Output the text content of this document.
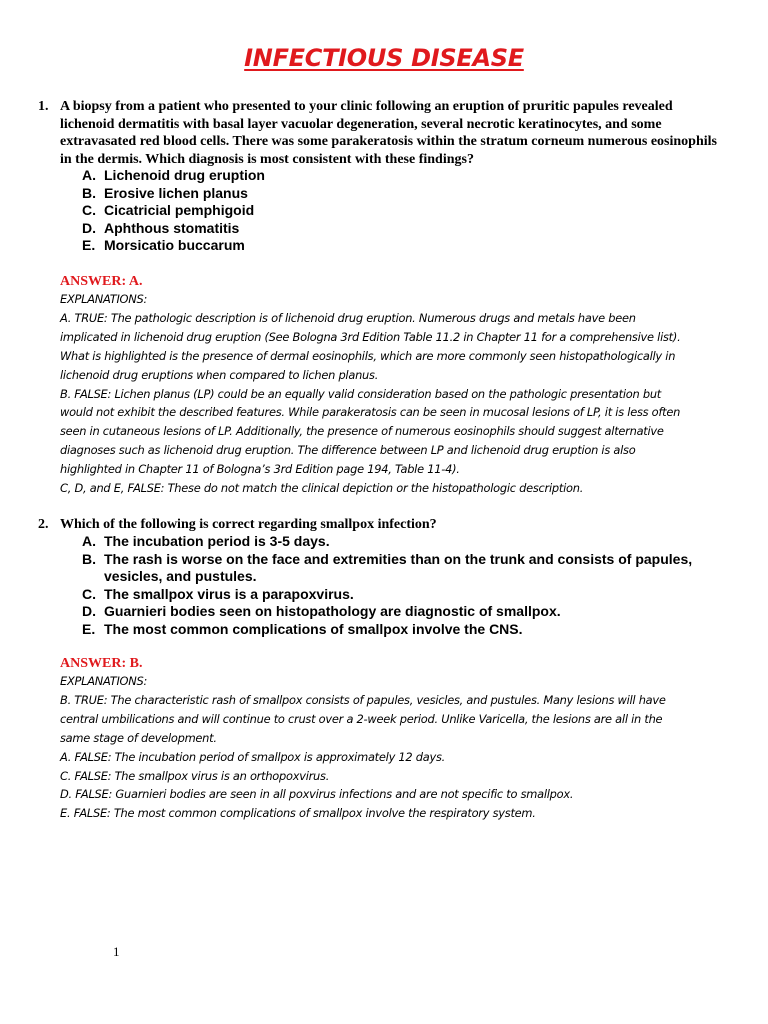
INFECTIOUS DISEASE
1. A biopsy from a patient who presented to your clinic following an eruption of pruritic papules revealed lichenoid dermatitis with basal layer vacuolar degeneration, several necrotic keratinocytes, and some extravasated red blood cells. There was some parakeratosis within the stratum corneum numerous eosinophils in the dermis. Which diagnosis is most consistent with these findings?
A. Lichenoid drug eruption
B. Erosive lichen planus
C. Cicatricial pemphigoid
D. Aphthous stomatitis
E. Morsicatio buccarum
ANSWER: A.
EXPLANATIONS:
A. TRUE: The pathologic description is of lichenoid drug eruption. Numerous drugs and metals have been
implicated in lichenoid drug eruption (See Bologna 3rd Edition Table 11.2 in Chapter 11 for a comprehensive list).
What is highlighted is the presence of dermal eosinophils, which are more commonly seen histopathologically in
lichenoid drug eruptions when compared to lichen planus.
B. FALSE: Lichen planus (LP) could be an equally valid consideration based on the pathologic presentation but
would not exhibit the described features. While parakeratosis can be seen in mucosal lesions of LP, it is less often
seen in cutaneous lesions of LP. Additionally, the presence of numerous eosinophils should suggest alternative
diagnoses such as lichenoid drug eruption. The difference between LP and lichenoid drug eruption is also
highlighted in Chapter 11 of Bologna’s 3rd Edition page 194, Table 11-4).
C, D, and E, FALSE: These do not match the clinical depiction or the histopathologic description.
2. Which of the following is correct regarding smallpox infection?
A. The incubation period is 3-5 days.
B. The rash is worse on the face and extremities than on the trunk and consists of papules, vesicles, and pustules.
C. The smallpox virus is a parapoxvirus.
D. Guarnieri bodies seen on histopathology are diagnostic of smallpox.
E. The most common complications of smallpox involve the CNS.
ANSWER: B.
EXPLANATIONS:
B. TRUE: The characteristic rash of smallpox consists of papules, vesicles, and pustules. Many lesions will have
central umbilications and will continue to crust over a 2-week period. Unlike Varicella, the lesions are all in the
same stage of development.
A. FALSE: The incubation period of smallpox is approximately 12 days.
C. FALSE: The smallpox virus is an orthopoxvirus.
D. FALSE: Guarnieri bodies are seen in all poxvirus infections and are not specific to smallpox.
E. FALSE: The most common complications of smallpox involve the respiratory system.
1
